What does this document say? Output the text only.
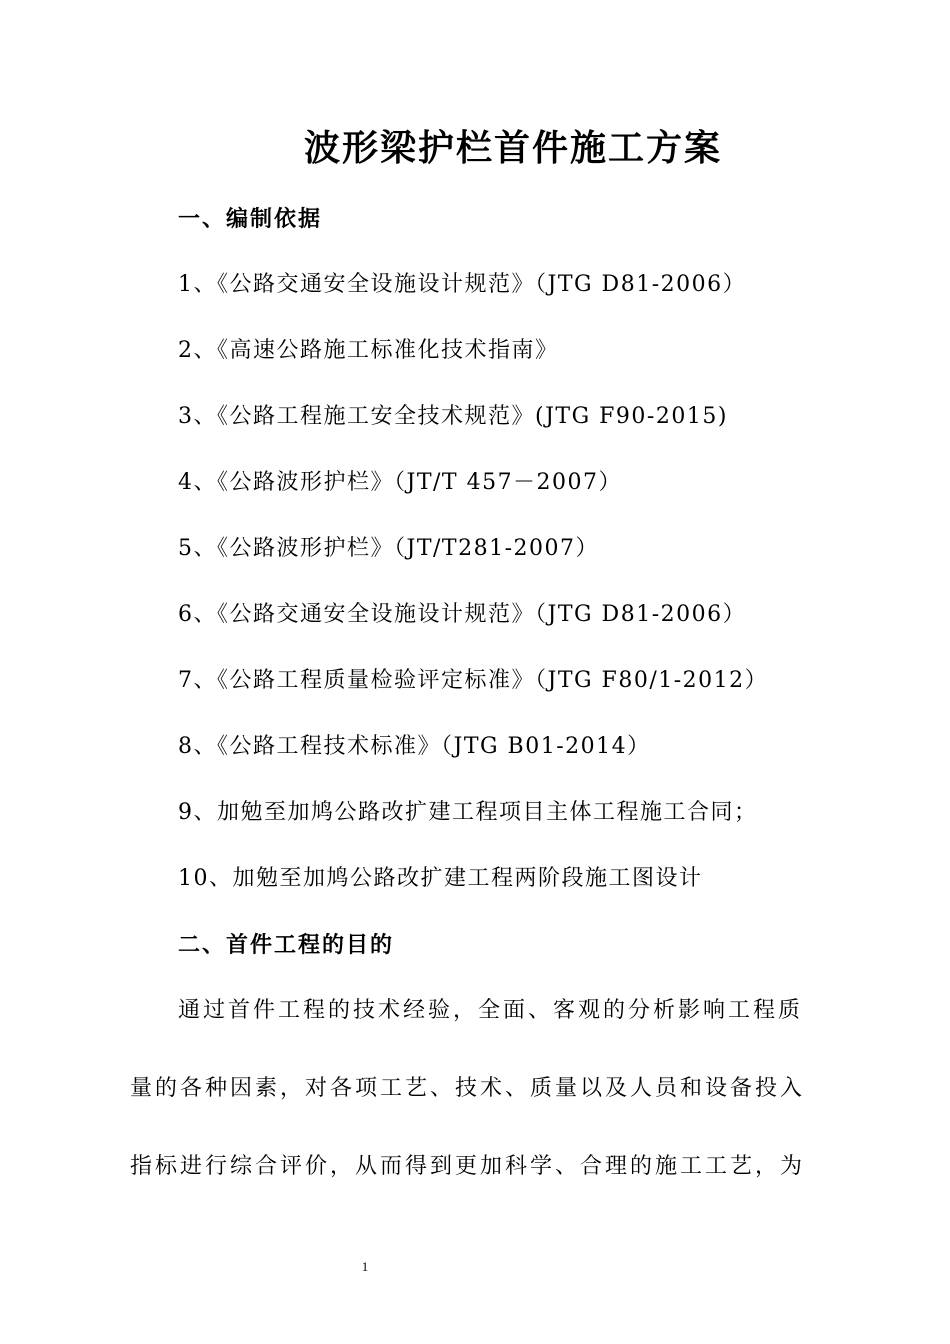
波形梁护栏首件施工方案
一、编制依据
1、《公路交通安全设施设计规范》（JTG D81-2006）
2、《高速公路施工标准化技术指南》
3、《公路工程施工安全技术规范》(JTG F90-2015)
4、《公路波形护栏》（JT/T 457－2007）
5、《公路波形护栏》（JT/T281-2007）
6、《公路交通安全设施设计规范》（JTG D81-2006）
7、《公路工程质量检验评定标准》（JTG F80/1-2012）
8、《公路工程技术标准》（JTG B01-2014）
9、加勉至加鸠公路改扩建工程项目主体工程施工合同；
10、加勉至加鸠公路改扩建工程两阶段施工图设计
二、首件工程的目的
通过首件工程的技术经验，全面、客观的分析影响工程质
量的各种因素，对各项工艺、技术、质量以及人员和设备投入
指标进行综合评价，从而得到更加科学、合理的施工工艺，为
1
